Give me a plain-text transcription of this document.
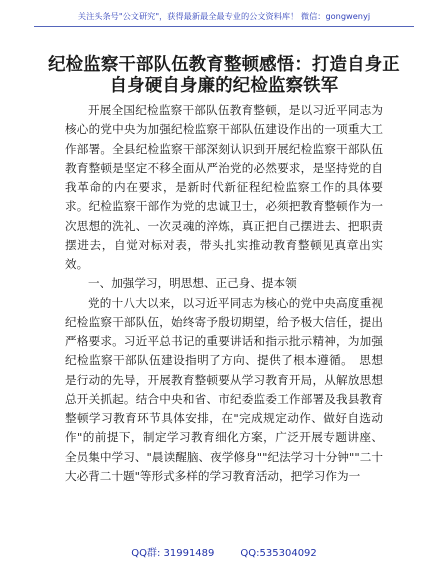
关注头条号"公文研究"，获得最新最全最专业的公文资料库！ 微信：gongwenyj
纪检监察干部队伍教育整顿感悟：打造自身正
自身硬自身廉的纪检监察铁军

开展全国纪检监察干部队伍教育整顿，是以习近平同志为核心的党中央为加强纪检监察干部队伍建设作出的一项重大工作部署。全县纪检监察干部深刻认识到开展纪检监察干部队伍教育整顿是坚定不移全面从严治党的必然要求，是坚持党的自我革命的内在要求，是新时代新征程纪检监察工作的具体要求。纪检监察干部作为党的忠诚卫士，必须把教育整顿作为一次思想的洗礼、一次灵魂的淬炼，真正把自己摆进去、把职责摆进去，自觉对标对表，带头扎实推动教育整顿见真章出实效。

一、加强学习，明思想、正己身、提本领

党的十八大以来，以习近平同志为核心的党中央高度重视纪检监察干部队伍，始终寄予殷切期望，给予极大信任，提出严格要求。习近平总书记的重要讲话和指示批示精神，为加强纪检监察干部队伍建设指明了方向、提供了根本遵循。　思想是行动的先导，开展教育整顿要从学习教育开局，从解放思想总开关抓起。结合中央和省、市纪委监委工作部署及我县教育整顿学习教育环节具体安排，在"完成规定动作、做好自选动作"的前提下，制定学习教育细化方案，广泛开展专题讲座、全员集中学习、"晨读醒脑、夜学修身""纪法学习十分钟""二十大必背二十题"等形式多样的学习教育活动，把学习作为一

QQ群: 31991489	QQ:535304092
